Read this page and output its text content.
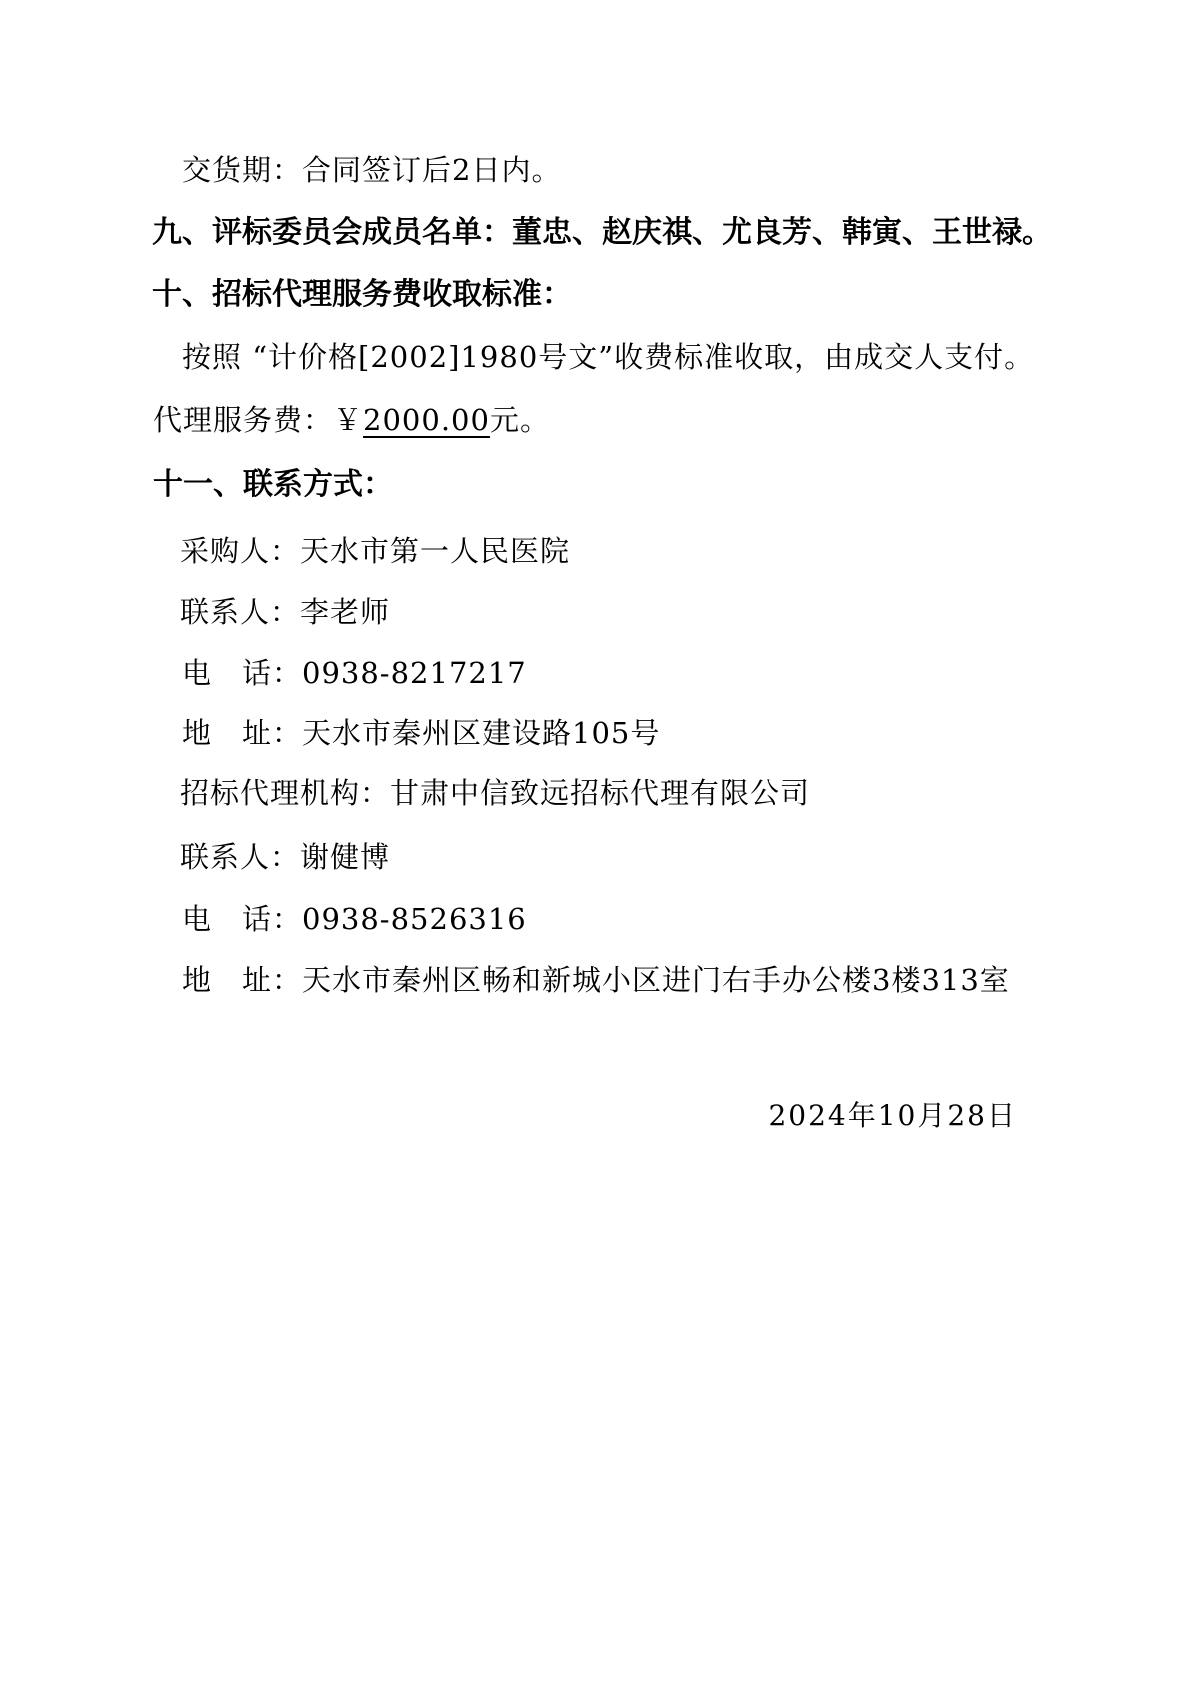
交货期：合同签订后2日内。
九、评标委员会成员名单：董忠、赵庆祺、尤良芳、韩寅、王世禄。
十、招标代理服务费收取标准：
按照 “计价格[2002]1980号文”收费标准收取，由成交人支付。
代理服务费：￥2000.00元。
十一、联系方式：
采购人：天水市第一人民医院
联系人：李老师
电　话：0938-8217217
地　址：天水市秦州区建设路105号
招标代理机构：甘肃中信致远招标代理有限公司
联系人：谢健博
电　话：0938-8526316
地　址：天水市秦州区畅和新城小区进门右手办公楼3楼313室
2024年10月28日
